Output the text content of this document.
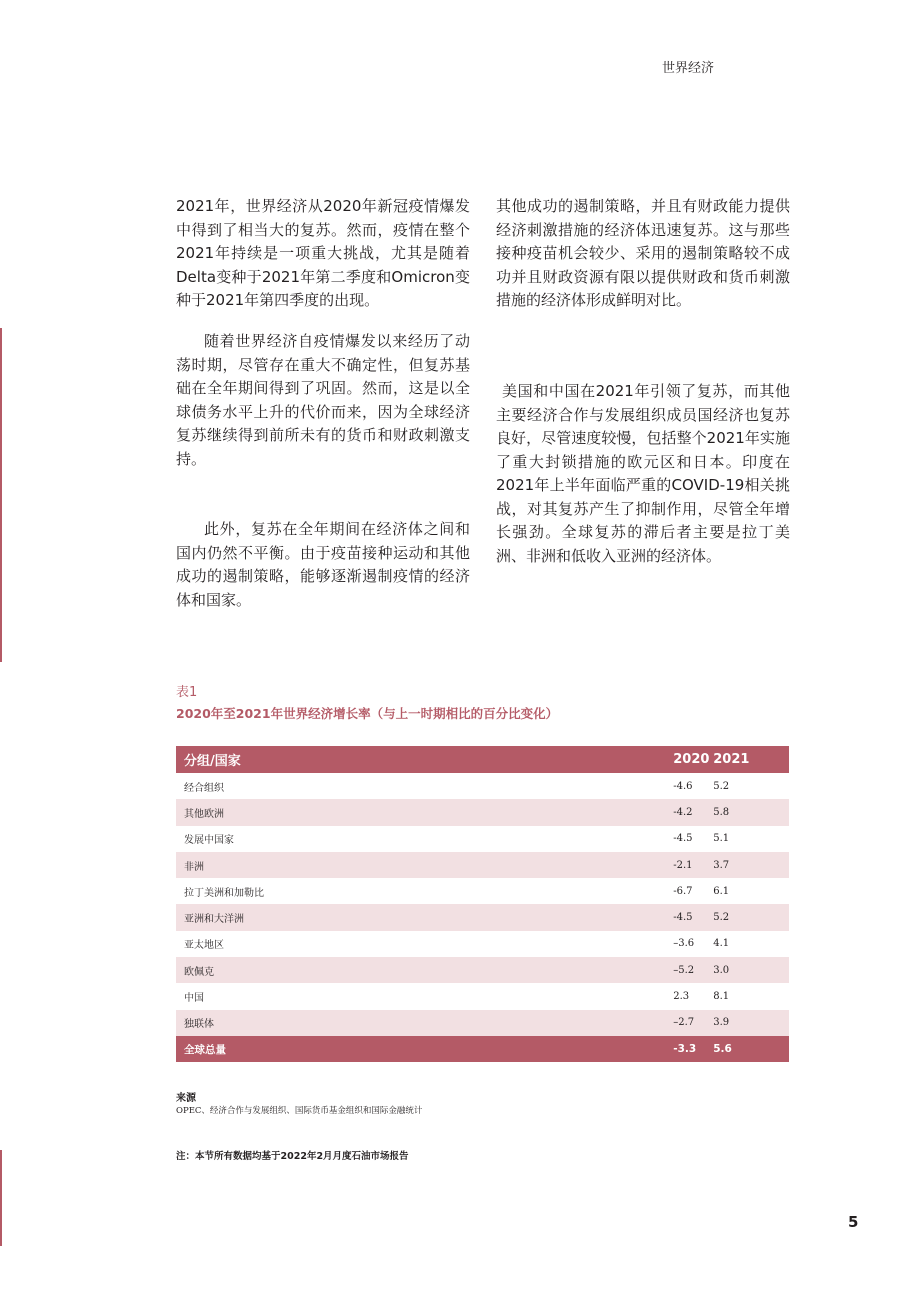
世界经济

2021年，世界经济从2020年新冠疫情爆发中得到了相当大的复苏。然而，疫情在整个2021年持续是一项重大挑战，尤其是随着Delta变种于2021年第二季度和Omicron变种于2021年第四季度的出现。

随着世界经济自疫情爆发以来经历了动荡时期，尽管存在重大不确定性，但复苏基础在全年期间得到了巩固。然而，这是以全球债务水平上升的代价而来，因为全球经济复苏继续得到前所未有的货币和财政刺激支持。

此外，复苏在全年期间在经济体之间和国内仍然不平衡。由于疫苗接种运动和其他成功的遏制策略，能够逐渐遏制疫情的经济体和国家。

其他成功的遏制策略，并且有财政能力提供经济刺激措施的经济体迅速复苏。这与那些接种疫苗机会较少、采用的遏制策略较不成功并且财政资源有限以提供财政和货币刺激措施的经济体形成鲜明对比。

美国和中国在2021年引领了复苏，而其他主要经济合作与发展组织成员国经济也复苏良好，尽管速度较慢，包括整个2021年实施了重大封锁措施的欧元区和日本。印度在2021年上半年面临严重的COVID-19相关挑战，对其复苏产生了抑制作用，尽管全年增长强劲。全球复苏的滞后者主要是拉丁美洲、非洲和低收入亚洲的经济体。

表1
2020年至2021年世界经济增长率（与上一时期相比的百分比变化）
分组/国家	2020	2021
经合组织	-4.6	5.2
其他欧洲	-4.2	5.8
发展中国家	-4.5	5.1
非洲	-2.1	3.7
拉丁美洲和加勒比	-6.7	6.1
亚洲和大洋洲	-4.5	5.2
亚太地区	–3.6	4.1
欧佩克	–5.2	3.0
中国	2.3	8.1
独联体	–2.7	3.9
全球总量	-3.3	5.6
来源
OPEC、经济合作与发展组织、国际货币基金组织和国际金融统计
注：本节所有数据均基于2022年2月月度石油市场报告
5
